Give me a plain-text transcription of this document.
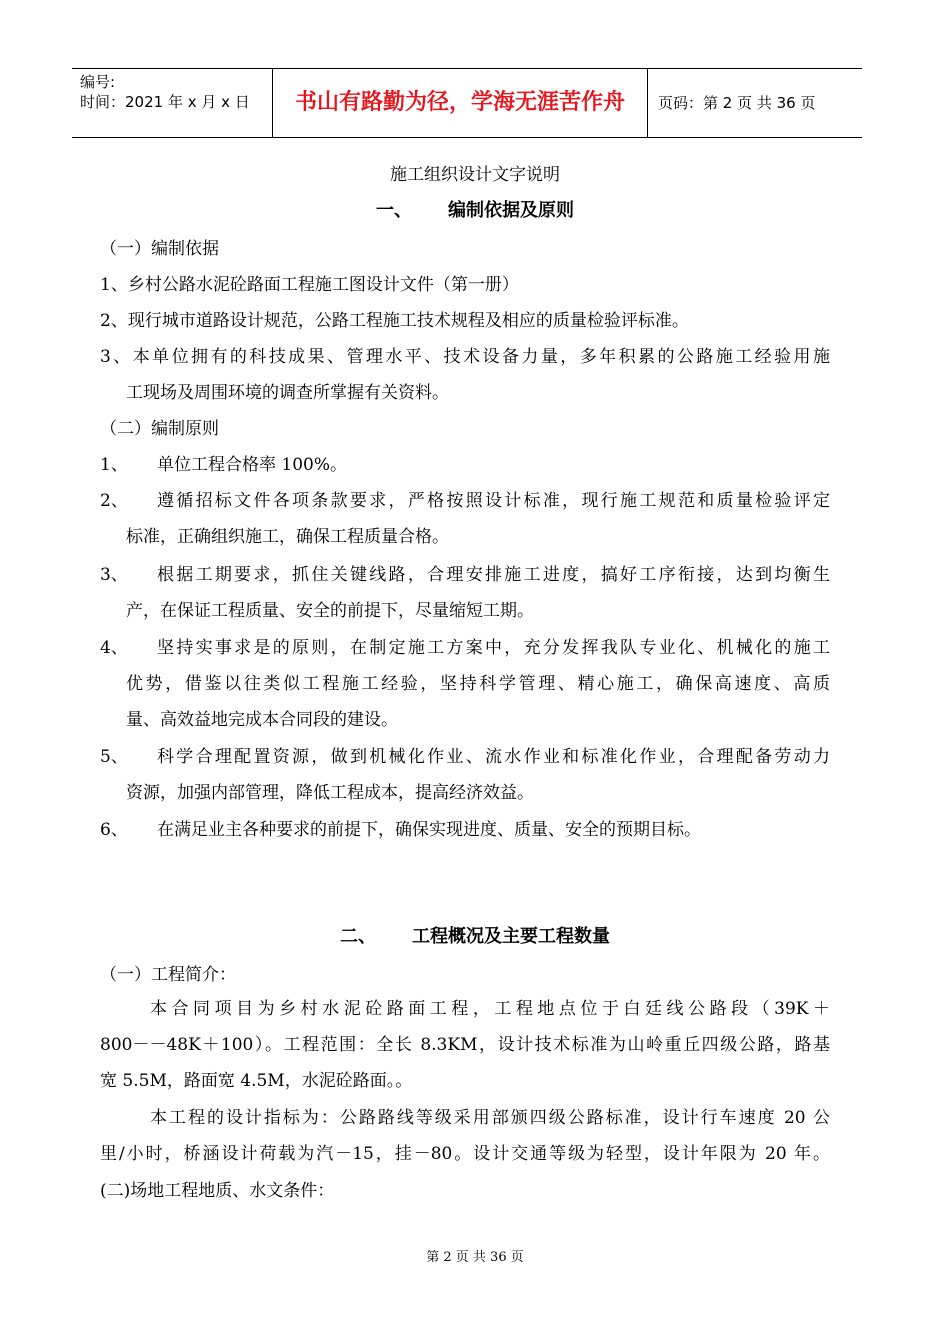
编号:
时间：2021 年 x 月 x 日	书山有路勤为径，学海无涯苦作舟	页码：第 2 页 共 36 页
施工组织设计文字说明
一、 编制依据及原则
（一）编制依据
1、乡村公路水泥砼路面工程施工图设计文件（第一册）
2、现行城市道路设计规范，公路工程施工技术规程及相应的质量检验评标准。
3、本单位拥有的科技成果、管理水平、技术设备力量，多年积累的公路施工经验用施
工现场及周围环境的调查所掌握有关资料。
（二）编制原则
1、 单位工程合格率 100%。
2、 遵循招标文件各项条款要求，严格按照设计标准，现行施工规范和质量检验评定
标准，正确组织施工，确保工程质量合格。
3、 根据工期要求，抓住关键线路，合理安排施工进度，搞好工序衔接，达到均衡生
产，在保证工程质量、安全的前提下，尽量缩短工期。
4、 坚持实事求是的原则，在制定施工方案中，充分发挥我队专业化、机械化的施工
优势，借鉴以往类似工程施工经验，坚持科学管理、精心施工，确保高速度、高质
量、高效益地完成本合同段的建设。
5、 科学合理配置资源，做到机械化作业、流水作业和标准化作业，合理配备劳动力
资源，加强内部管理，降低工程成本，提高经济效益。
6、 在满足业主各种要求的前提下，确保实现进度、质量、安全的预期目标。
二、 工程概况及主要工程数量
（一）工程简介：
本合同项目为乡村水泥砼路面工程，工程地点位于白廷线公路段（39K＋
800－－48K＋100）。工程范围：全长 8.3KM，设计技术标准为山岭重丘四级公路，路基
宽 5.5M，路面宽 4.5M，水泥砼路面。。
本工程的设计指标为：公路路线等级采用部颁四级公路标准，设计行车速度 20 公
里/小时，桥涵设计荷载为汽－15，挂－80。设计交通等级为轻型，设计年限为 20 年。
(二)场地工程地质、水文条件：
第 2 页 共 36 页
